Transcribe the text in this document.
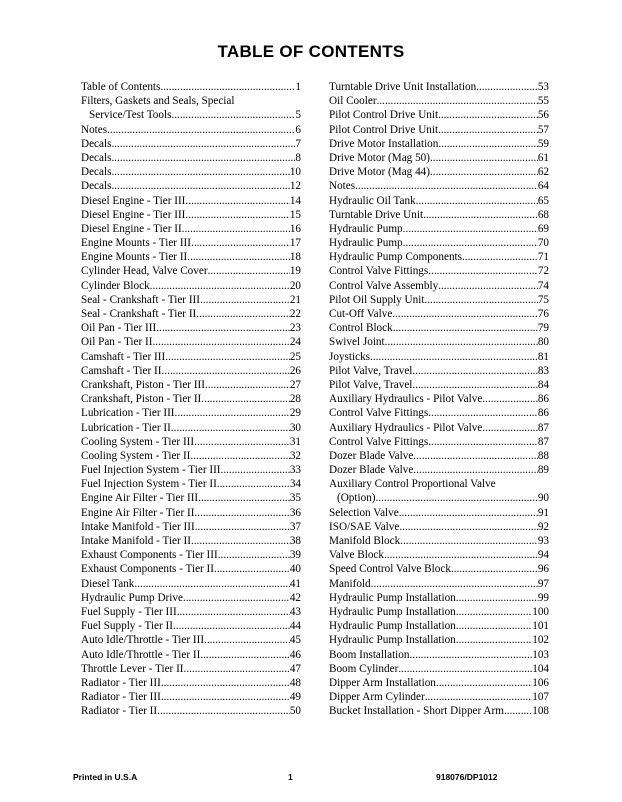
TABLE OF CONTENTS
Table of Contents .....	1
Filters, Gaskets and Seals, Special
Service/Test Tools .....	5
Notes .....	6
Decals .....	7
Decals .....	8
Decals .....	10
Decals .....	12
Diesel Engine - Tier III .....	14
Diesel Engine - Tier III .....	15
Diesel Engine - Tier II .....	16
Engine Mounts - Tier III .....	17
Engine Mounts - Tier II .....	18
Cylinder Head, Valve Cover .....	19
Cylinder Block .....	20
Seal - Crankshaft - Tier III .....	21
Seal - Crankshaft - Tier II .....	22
Oil Pan - Tier III .....	23
Oil Pan - Tier II .....	24
Camshaft - Tier III .....	25
Camshaft - Tier II .....	26
Crankshaft, Piston - Tier III .....	27
Crankshaft, Piston - Tier II .....	28
Lubrication - Tier III .....	29
Lubrication - Tier II .....	30
Cooling System - Tier III .....	31
Cooling System - Tier II .....	32
Fuel Injection System - Tier III .....	33
Fuel Injection System - Tier II .....	34
Engine Air Filter - Tier III .....	35
Engine Air Filter - Tier II .....	36
Intake Manifold - Tier III .....	37
Intake Manifold - Tier II .....	38
Exhaust Components - Tier III .....	39
Exhaust Components - Tier II .....	40
Diesel Tank .....	41
Hydraulic Pump Drive .....	42
Fuel Supply - Tier III .....	43
Fuel Supply - Tier II .....	44
Auto Idle/Throttle - Tier III .....	45
Auto Idle/Throttle - Tier II .....	46
Throttle Lever - Tier II .....	47
Radiator - Tier III .....	48
Radiator - Tier III .....	49
Radiator - Tier II .....	50
Turntable Drive Unit Installation .....	53
Oil Cooler .....	55
Pilot Control Drive Unit .....	56
Pilot Control Drive Unit .....	57
Drive Motor Installation .....	59
Drive Motor (Mag 50) .....	61
Drive Motor (Mag 44) .....	62
Notes .....	64
Hydraulic Oil Tank .....	65
Turntable Drive Unit .....	68
Hydraulic Pump .....	69
Hydraulic Pump .....	70
Hydraulic Pump Components .....	71
Control Valve Fittings .....	72
Control Valve Assembly .....	74
Pilot Oil Supply Unit .....	75
Cut-Off Valve .....	76
Control Block .....	79
Swivel Joint .....	80
Joysticks .....	81
Pilot Valve, Travel .....	83
Pilot Valve, Travel .....	84
Auxiliary Hydraulics - Pilot Valve .....	86
Control Valve Fittings .....	86
Auxiliary Hydraulics - Pilot Valve .....	87
Control Valve Fittings .....	87
Dozer Blade Valve .....	88
Dozer Blade Valve .....	89
Auxiliary Control Proportional Valve
(Option) .....	90
Selection Valve .....	91
ISO/SAE Valve .....	92
Manifold Block .....	93
Valve Block .....	94
Speed Control Valve Block .....	96
Manifold .....	97
Hydraulic Pump Installation .....	99
Hydraulic Pump Installation .....	100
Hydraulic Pump Installation .....	101
Hydraulic Pump Installation .....	102
Boom Installation .....	103
Boom Cylinder .....	104
Dipper Arm Installation .....	106
Dipper Arm Cylinder .....	107
Bucket Installation - Short Dipper Arm .....	108
Printed in U.S.A	1	918076/DP1012
